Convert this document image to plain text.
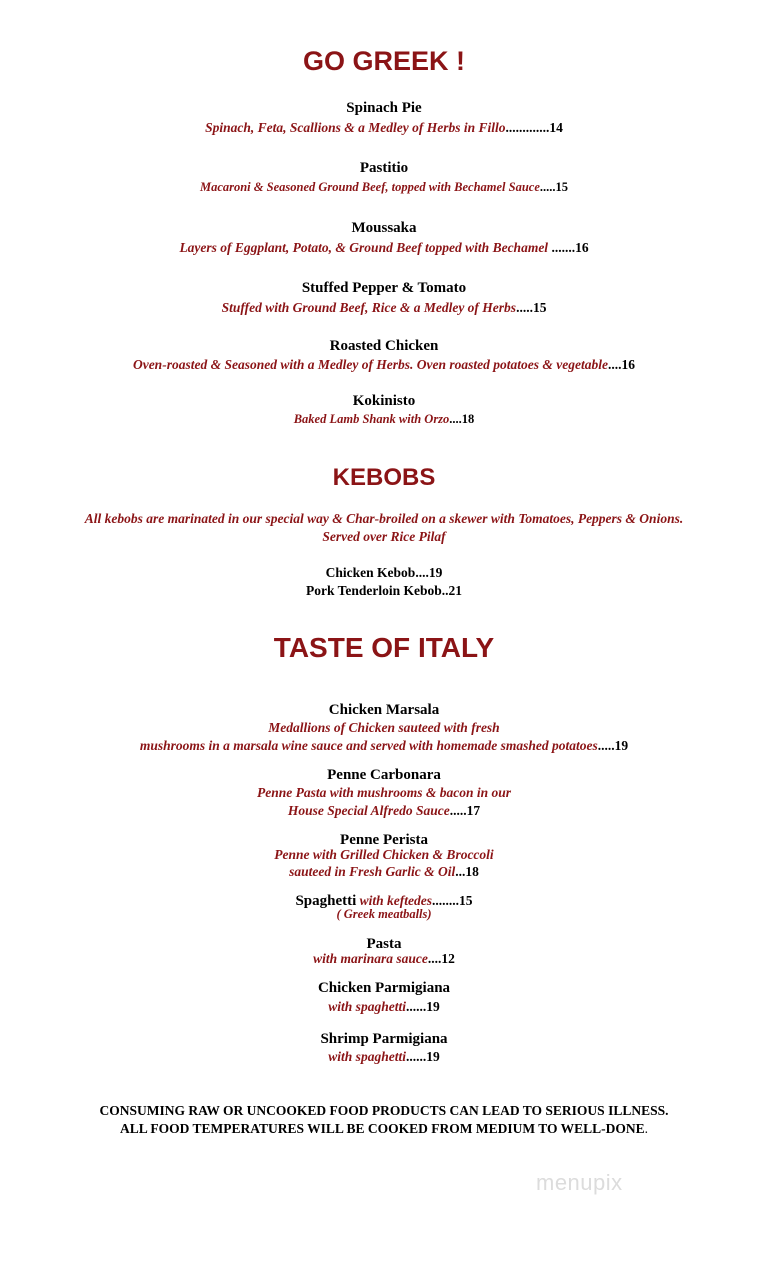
GO GREEK !
Spinach Pie
Spinach, Feta, Scallions & a Medley of Herbs in Fillo.............14
Pastitio
Macaroni & Seasoned Ground Beef, topped with Bechamel Sauce.....15
Moussaka
Layers of Eggplant, Potato, & Ground Beef topped with Bechamel .......16
Stuffed Pepper & Tomato
Stuffed with Ground Beef, Rice & a Medley of Herbs.....15
Roasted Chicken
Oven-roasted & Seasoned with a Medley of Herbs. Oven roasted potatoes & vegetable....16
Kokinisto
Baked Lamb Shank with Orzo....18
KEBOBS
All kebobs are marinated in our special way & Char-broiled on a skewer with Tomatoes, Peppers & Onions.
Served over Rice Pilaf
Chicken Kebob....19
Pork Tenderloin Kebob..21
TASTE OF ITALY
Chicken Marsala
Medallions of Chicken sauteed with fresh
mushrooms in a marsala wine sauce and served with homemade smashed potatoes.....19
Penne Carbonara
Penne Pasta with mushrooms & bacon in our
House Special Alfredo Sauce.....17
Penne Perista
Penne with Grilled Chicken & Broccoli
sauteed in Fresh Garlic & Oil...18
Spaghetti with keftedes........15
( Greek meatballs)
Pasta
with marinara sauce....12
Chicken Parmigiana
with spaghetti......19
Shrimp Parmigiana
with spaghetti......19
CONSUMING RAW OR UNCOOKED FOOD PRODUCTS CAN LEAD TO SERIOUS ILLNESS.
ALL FOOD TEMPERATURES WILL BE COOKED FROM MEDIUM TO WELL-DONE.
menupix
